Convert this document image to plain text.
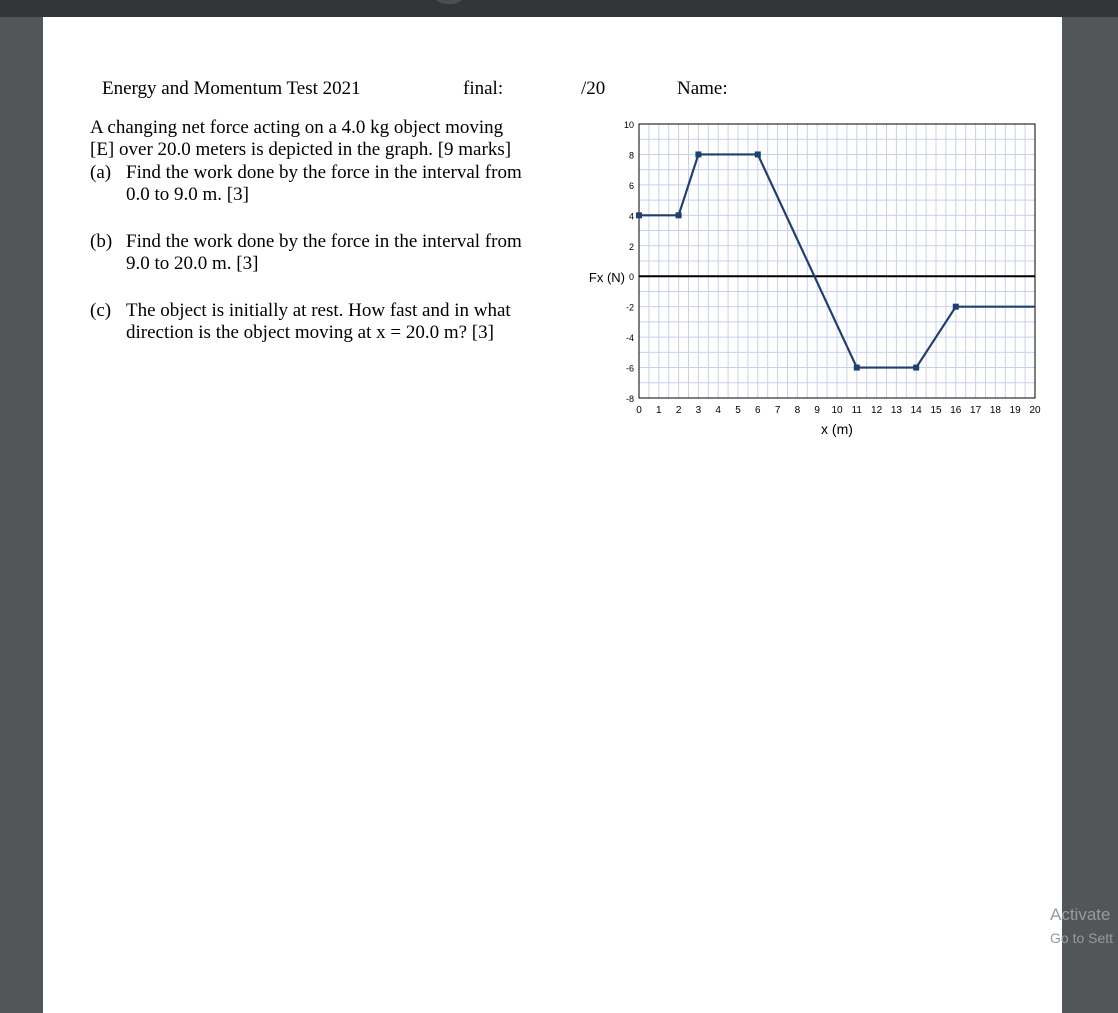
Energy and Momentum Test 2021	final:	/20	Name:
A changing net force acting on a 4.0 kg object moving
[E] over 20.0 meters is depicted in the graph. [9 marks]
(a) Find the work done by the force in the interval from
0.0 to 9.0 m. [3]
(b) Find the work done by the force in the interval from
9.0 to 20.0 m. [3]
(c) The object is initially at rest. How fast and in what
direction is the object moving at x = 20.0 m? [3]
0 1 2 3 4 5 6 7 8 9 10 11 12 13 14 15 16 17 18 19 20
-8
-6
-4
-2
0
2
4
6
8
10
x (m)
Fx (N)
Activate
Go to Sett
